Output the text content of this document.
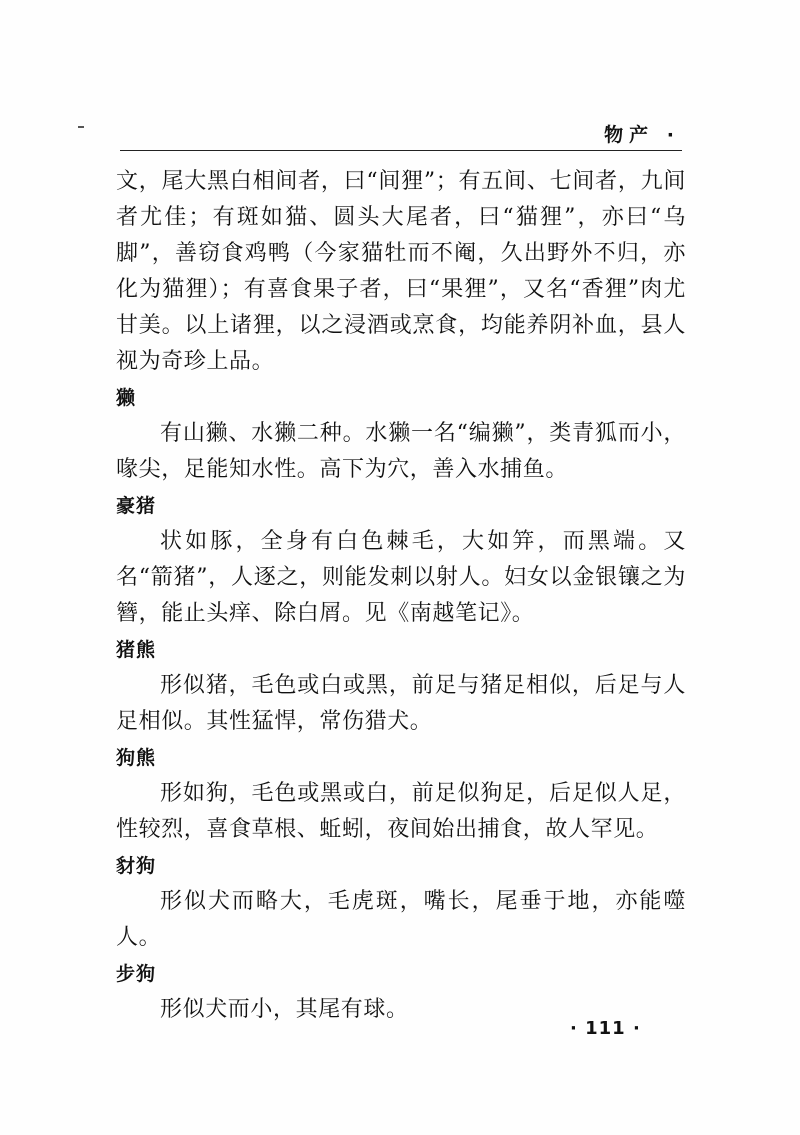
物产 ·

文，尾大黑白相间者，曰“间狸”；有五间、七间者，九间者尤佳；有斑如猫、圆头大尾者，曰“猫狸”，亦曰“乌脚”，善窃食鸡鸭（今家猫牡而不阉，久出野外不归，亦化为猫狸）；有喜食果子者，曰“果狸”，又名“香狸”肉尤甘美。以上诸狸，以之浸酒或烹食，均能养阴补血，县人视为奇珍上品。

獭

有山獭、水獭二种。水獭一名“编獭”，类青狐而小，喙尖，足能知水性。高下为穴，善入水捕鱼。

豪猪

状如豚，全身有白色棘毛，大如笄，而黑端。又名“箭猪”，人逐之，则能发刺以射人。妇女以金银镶之为簪，能止头痒、除白屑。见《南越笔记》。

猪熊

形似猪，毛色或白或黑，前足与猪足相似，后足与人足相似。其性猛悍，常伤猎犬。

狗熊

形如狗，毛色或黑或白，前足似狗足，后足似人足，性较烈，喜食草根、蚯蚓，夜间始出捕食，故人罕见。

豺狗

形似犬而略大，毛虎斑，嘴长，尾垂于地，亦能噬人。

步狗

形似犬而小，其尾有球。

· 111 ·
